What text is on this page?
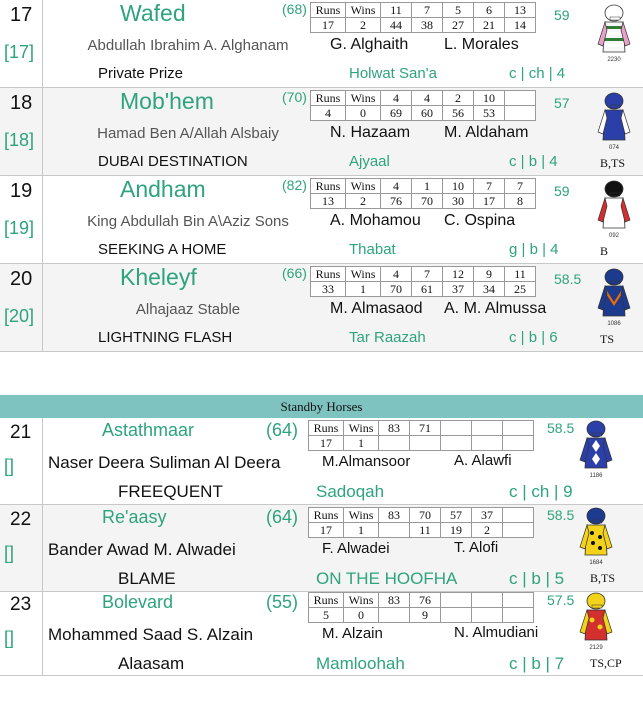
17
[17]
Wafed	(68)
Abdullah Ibrahim A. Alghanam
Private Prize
G. Alghaith L. Morales
Holwat San'a	c | ch | 4
59
Runs	Wins	11	7	5	6	13
17	2	44	38	27	21	14
2230
18
[18]
Mob'hem	(70)
Hamad Ben A/Allah Alsbaiy
DUBAI DESTINATION
N. Hazaam M. Aldaham
Ajyaal	c | b | 4
57
Runs	Wins	4	4	2	10	
4	0	69	60	56	53	
074
B,TS
19
[19]
Andham	(82)
King Abdullah Bin A\Aziz Sons
SEEKING A HOME
A. Mohamou C. Ospina
Thabat	g | b | 4
59
Runs	Wins	4	1	10	7	7
13	2	76	70	30	17	8
092
B
20
[20]
Kheleyf	(66)
Alhajaaz Stable
LIGHTNING FLASH
M. Almasaod A. M. Almussa
Tar Raazah	c | b | 6
58.5
Runs	Wins	4	7	12	9	11
33	1	70	61	37	34	25
1086
TS
Standby Horses
21
[]
Astathmaar	(64)
Naser Deera Suliman Al Deera
FREEQUENT
M.Almansoor	A. Alawfi
Sadoqah	c | ch | 9
58.5
Runs	Wins	83	71			
17	1					
1186
22
[]
Re'aasy	(64)
Bander Awad M. Alwadei
BLAME
F. Alwadei	T. Alofi
ON THE HOOFHA	c | b | 5
58.5
Runs	Wins	83	70	57	37	
17	1		11	19	2	
1684
B,TS
23
[]
Bolevard	(55)
Mohammed Saad S. Alzain
Alaasam
M. Alzain	N. Almudiani
Mamloohah	c | b | 7
57.5
Runs	Wins	83	76			
5	0		9			
2129
TS,CP
